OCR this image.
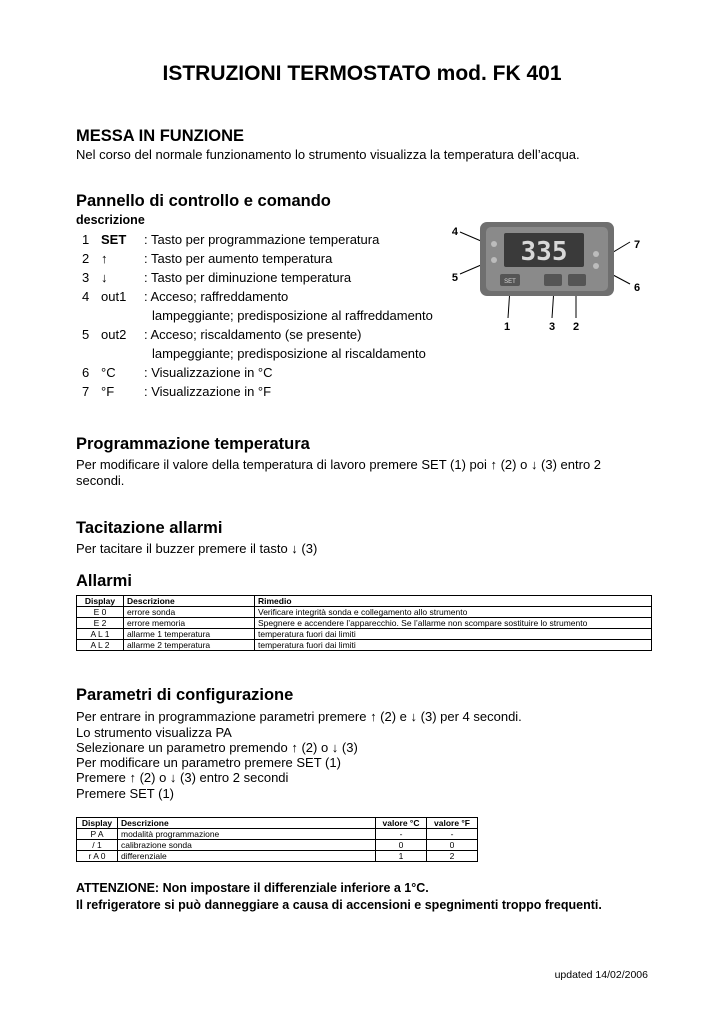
ISTRUZIONI TERMOSTATO mod. FK 401
MESSA IN FUNZIONE

Nel corso del normale funzionamento lo strumento visualizza la temperatura dell’acqua.

Pannello di controllo e comando
descrizione
1 SET : Tasto per programmazione temperatura
2 ↑	: Tasto per aumento temperatura
3 ↓	: Tasto per diminuzione temperatura
4 out1 : Acceso; raffreddamento
lampeggiante; predisposizione al raffreddamento
5 out2 : Acceso; riscaldamento (se presente)
lampeggiante; predisposizione al riscaldamento
6 °C : Visualizzazione in °C
7 °F : Visualizzazione in °F
335
SET
4
5
7
6
1	3 2
Programmazione temperatura

Per modificare il valore della temperatura di lavoro premere SET (1) poi ↑ (2) o ↓ (3) entro 2 secondi.

Tacitazione allarmi

Per tacitare il buzzer premere il tasto ↓ (3)

Allarmi
Display	Descrizione	Rimedio
E 0	errore sonda	Verificare integrità sonda e collegamento allo strumento
E 2	errore memoria	Spegnere e accendere l’apparecchio. Se l’allarme non scompare sostituire lo strumento
A L 1	allarme 1 temperatura	temperatura fuori dai limiti
A L 2	allarme 2 temperatura	temperatura fuori dai limiti
Parametri di configurazione

Per entrare in programmazione parametri premere ↑ (2) e ↓ (3) per 4 secondi.

Lo strumento visualizza PA

Selezionare un parametro premendo ↑ (2) o ↓ (3)

Per modificare un parametro premere SET (1)

Premere ↑ (2) o ↓ (3) entro 2 secondi

Premere SET (1)

Display	Descrizione	valore °C	valore °F
P A	modalità programmazione	-	-
/ 1	calibrazione sonda	0	0
r A 0	differenziale	1	2
ATTENZIONE: Non impostare il differenziale inferiore a 1°C.
Il refrigeratore si può danneggiare a causa di accensioni e spegnimenti troppo frequenti.
updated 14/02/2006
